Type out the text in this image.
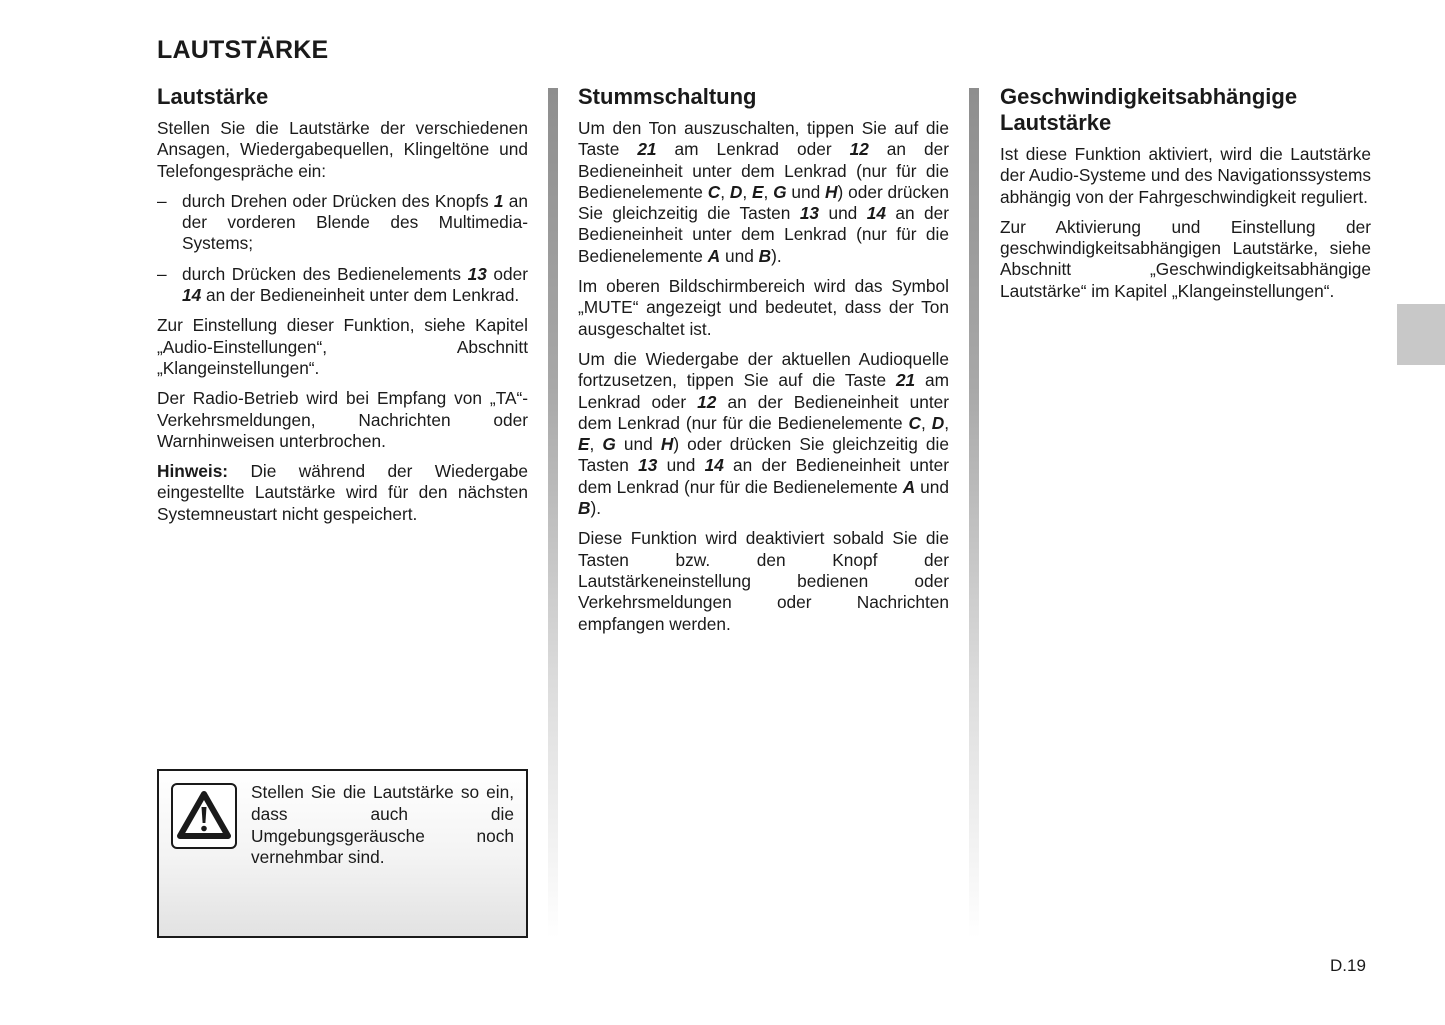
LAUTSTÄRKE
Lautstärke

Stellen Sie die Lautstärke der verschiedenen Ansagen, Wiedergabequellen, Klingeltöne und Telefongespräche ein:

– durch Drehen oder Drücken des Knopfs 1 an der vorderen Blende des Multimedia-Systems;
– durch Drücken des Bedienelements 13 oder 14 an der Bedieneinheit unter dem Lenkrad.

Zur Einstellung dieser Funktion, siehe Kapitel „Audio-Einstellungen“, Abschnitt „Klangeinstellungen“.

Der Radio-Betrieb wird bei Empfang von „TA“-Verkehrsmeldungen, Nachrichten oder Warnhinweisen unterbrochen.

Hinweis: Die während der Wiedergabe eingestellte Lautstärke wird für den nächsten Systemneustart nicht gespeichert.

Stellen Sie die Lautstärke so ein, dass auch die Umgebungsgeräusche noch vernehmbar sind.

Stummschaltung

Um den Ton auszuschalten, tippen Sie auf die Taste 21 am Lenkrad oder 12 an der Bedieneinheit unter dem Lenkrad (nur für die Bedienelemente C, D, E, G und H) oder drücken Sie gleichzeitig die Tasten 13 und 14 an der Bedieneinheit unter dem Lenkrad (nur für die Bedienelemente A und B).

Im oberen Bildschirmbereich wird das Symbol „MUTE“ angezeigt und bedeutet, dass der Ton ausgeschaltet ist.

Um die Wiedergabe der aktuellen Audioquelle fortzusetzen, tippen Sie auf die Taste 21 am Lenkrad oder 12 an der Bedieneinheit unter dem Lenkrad (nur für die Bedienelemente C, D, E, G und H) oder drücken Sie gleichzeitig die Tasten 13 und 14 an der Bedieneinheit unter dem Lenkrad (nur für die Bedienelemente A und B).

Diese Funktion wird deaktiviert sobald Sie die Tasten bzw. den Knopf der Lautstärkeneinstellung bedienen oder Verkehrsmeldungen oder Nachrichten empfangen werden.

Geschwindigkeitsabhängige
Lautstärke

Ist diese Funktion aktiviert, wird die Lautstärke der Audio-Systeme und des Navigationssystems abhängig von der Fahrgeschwindigkeit reguliert.

Zur Aktivierung und Einstellung der geschwindigkeitsabhängigen Lautstärke, siehe Abschnitt „Geschwindigkeitsabhängige Lautstärke“ im Kapitel „Klangeinstellungen“.

D.19
